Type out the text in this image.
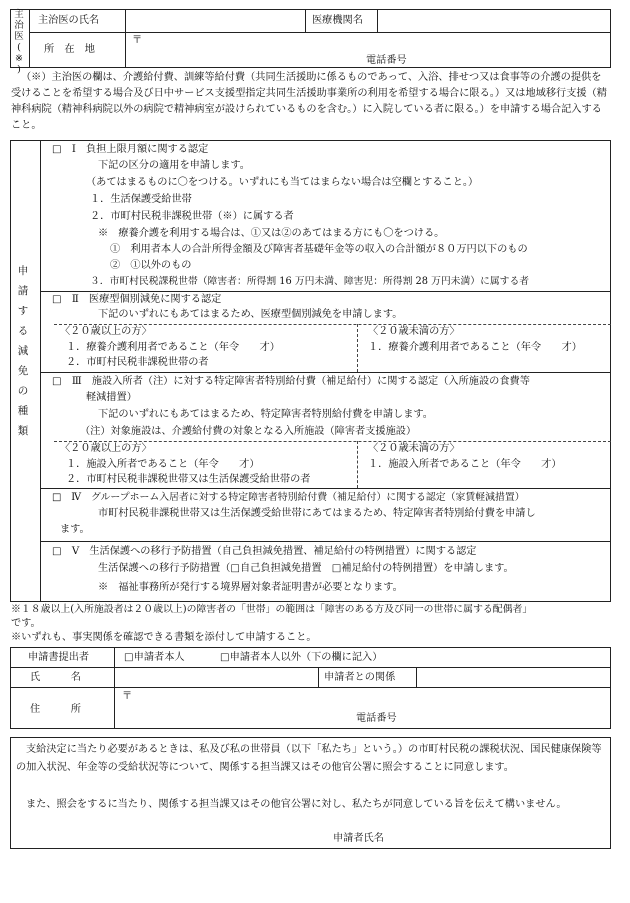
主
治
医
(
※
)
主治医の氏名	医療機関名
所　在　地
〒
電話番号
（※）主治医の欄は、介護給付費、訓練等給付費（共同生活援助に係るものであって、入浴、排せつ又は食事等の介護の提供を受けることを希望する場合及び日中サービス支援型指定共同生活援助事業所の利用を希望する場合に限る。）又は地域移行支援（精神科病院（精神科病院以外の病院で精神病室が設けられているものを含む。）に入院している者に限る。）を申請する場合記入すること。
申
請
す
る
減
免
の
種
類
□　Ⅰ　負担上限月額に関する認定
下記の区分の適用を申請します。
（あてはまるものに〇をつける。いずれにも当てはまらない場合は空欄とすること。）
１．生活保護受給世帯
２．市町村民税非課税世帯（※）に属する者
※　療養介護を利用する場合は、①又は②のあてはまる方にも〇をつける。
①　利用者本人の合計所得金額及び障害者基礎年金等の収入の合計額が８０万円以下のもの
②　①以外のもの
３．市町村民税課税世帯（障害者：所得割 16 万円未満、障害児：所得割 28 万円未満）に属する者
□　Ⅱ　医療型個別減免に関する認定
下記のいずれにもあてはまるため、医療型個別減免を申請します。
〈２０歳以上の方〉
１．療養介護利用者であること（年令　　才）
２．市町村民税非課税世帯の者
〈２０歳未満の方〉
１．療養介護利用者であること（年令　　才）
□　Ⅲ　施設入所者（注）に対する特定障害者特別給付費（補足給付）に関する認定（入所施設の食費等
軽減措置）
下記のいずれにもあてはまるため、特定障害者特別給付費を申請します。
（注）対象施設は、介護給付費の対象となる入所施設（障害者支援施設）
〈２０歳以上の方〉
１．施設入所者であること（年令　　才）
２．市町村民税非課税世帯又は生活保護受給世帯の者
〈２０歳未満の方〉
１．施設入所者であること（年令　　才）
□　Ⅳ　グループホーム入居者に対する特定障害者特別給付費（補足給付）に関する認定（家賃軽減措置）
市町村民税非課税世帯又は生活保護受給世帯にあてはまるため、特定障害者特別給付費を申請し
ます。
□　Ⅴ　生活保護への移行予防措置（自己負担減免措置、補足給付の特例措置）に関する認定
生活保護への移行予防措置（□自己負担減免措置　□補足給付の特例措置）を申請します。
※　福祉事務所が発行する境界層対象者証明書が必要となります。
※１８歳以上(入所施設者は２０歳以上)の障害者の「世帯」の範囲は「障害のある方及び同一の世帯に属する配偶者」
です。
※いずれも、事実関係を確認できる書類を添付して申請すること。
申請書提出者	□申請者本人	□申請者本人以外（下の欄に記入）
氏　　　名	申請者との関係
住　　　所
〒
電話番号
支給決定に当たり必要があるときは、私及び私の世帯員（以下「私たち」という。）の市町村民税の課税状況、国民健康保険等の加入状況、年金等の受給状況等について、関係する担当課又はその他官公署に照会することに同意します。
また、照会をするに当たり、関係する担当課又はその他官公署に対し、私たちが同意している旨を伝えて構いません。
申請者氏名
